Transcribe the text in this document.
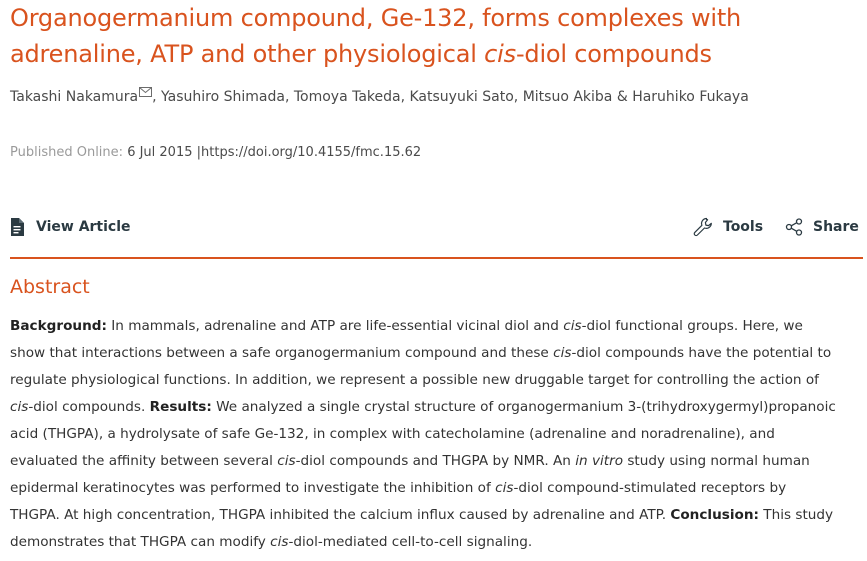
Organogermanium compound, Ge-132, forms complexes with adrenaline, ATP and other physiological cis-diol compounds
Takashi Nakamura , Yasuhiro Shimada, Tomoya Takeda, Katsuyuki Sato, Mitsuo Akiba & Haruhiko Fukaya
Published Online: 6 Jul 2015 |https://doi.org/10.4155/fmc.15.62
View Article	Tools	Share
Abstract

Background: In mammals, adrenaline and ATP are life-essential vicinal diol and cis-diol functional groups. Here, we
show that interactions between a safe organogermanium compound and these cis-diol compounds have the potential to
regulate physiological functions. In addition, we represent a possible new druggable target for controlling the action of
cis-diol compounds. Results: We analyzed a single crystal structure of organogermanium 3-(trihydroxygermyl)propanoic
acid (THGPA), a hydrolysate of safe Ge-132, in complex with catecholamine (adrenaline and noradrenaline), and
evaluated the affinity between several cis-diol compounds and THGPA by NMR. An in vitro study using normal human
epidermal keratinocytes was performed to investigate the inhibition of cis-diol compound-stimulated receptors by
THGPA. At high concentration, THGPA inhibited the calcium influx caused by adrenaline and ATP. Conclusion: This study
demonstrates that THGPA can modify cis-diol-mediated cell-to-cell signaling.
